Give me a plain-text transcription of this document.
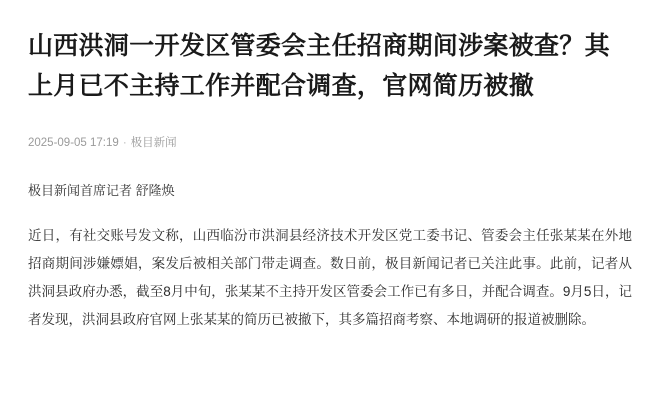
山西洪洞一开发区管委会主任招商期间涉案被查？其上月已不主持工作并配合调查，官网简历被撤
2025-09-05 17:19 · 极目新闻
极目新闻首席记者 舒隆焕

近日，有社交账号发文称，山西临汾市洪洞县经济技术开发区党工委书记、管委会主任张某某在外地招商期间涉嫌嫖娼，案发后被相关部门带走调查。数日前，极目新闻记者已关注此事。此前，记者从洪洞县政府办悉，截至8月中旬，张某某不主持开发区管委会工作已有多日，并配合调查。9月5日，记者发现，洪洞县政府官网上张某某的简历已被撤下，其多篇招商考察、本地调研的报道被删除。
